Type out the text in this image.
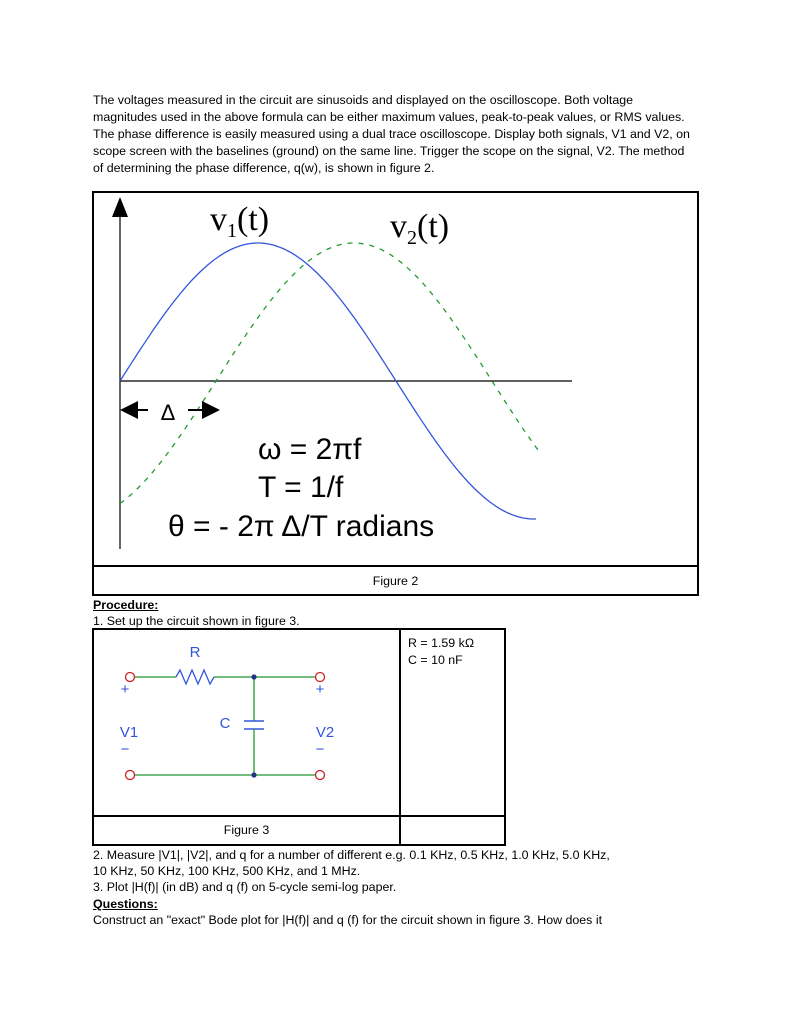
The voltages measured in the circuit are sinusoids and displayed on the oscilloscope. Both voltage magnitudes used in the above formula can be either maximum values, peak-to-peak values, or RMS values. The phase difference is easily measured using a dual trace oscilloscope. Display both signals, V1 and V2, on scope screen with the baselines (ground) on the same line. Trigger the scope on the signal, V2. The method of determining the phase difference, q(w), is shown in figure 2.

Δ
$v_1(t)$	$v_2(t)$
ω = 2πf
T = 1/f
θ = - 2π Δ/T radians
Figure 2
Procedure:
1. Set up the circuit shown in figure 3.
R = 1.59 kΩ
C = 10 nF
R
C
+
V1
−
+
V2
−
Figure 3
2. Measure |V1|, |V2|, and q for a number of different e.g. 0.1 KHz, 0.5 KHz, 1.0 KHz, 5.0 KHz,
10 KHz, 50 KHz, 100 KHz, 500 KHz, and 1 MHz.
3. Plot |H(f)| (in dB) and q (f) on 5-cycle semi-log paper.
Questions:
Construct an "exact" Bode plot for |H(f)| and q (f) for the circuit shown in figure 3. How does it
